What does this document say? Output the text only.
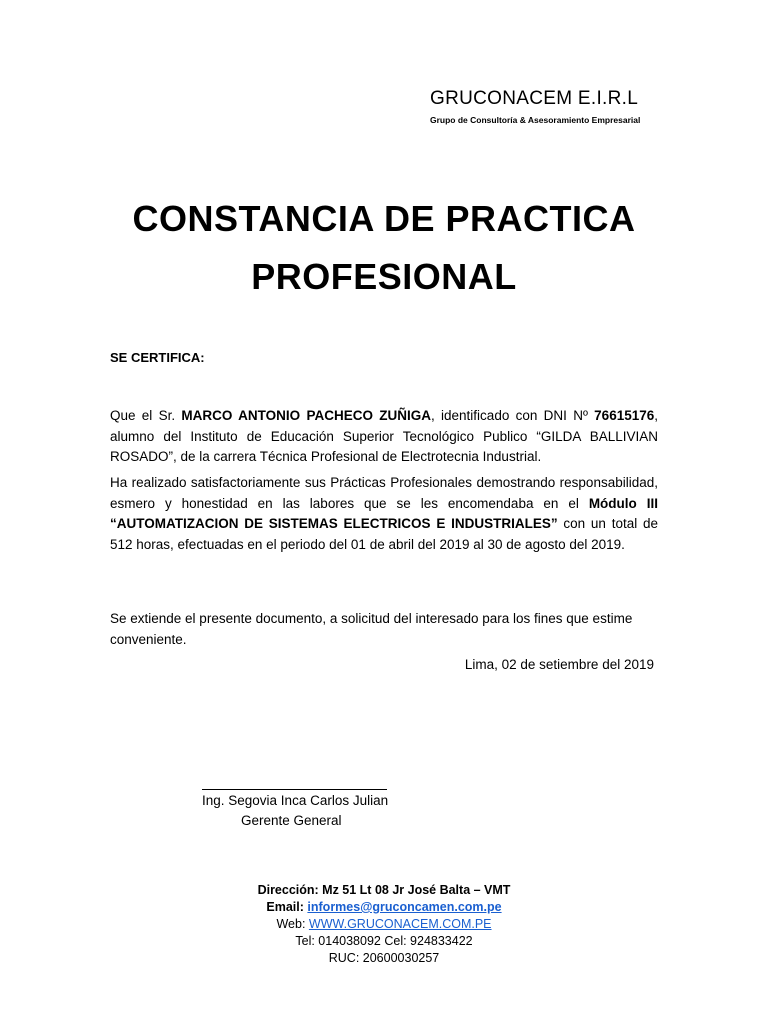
GRUCONACEM E.I.R.L
Grupo de Consultoría & Asesoramiento Empresarial
CONSTANCIA DE PRACTICA
PROFESIONAL
SE CERTIFICA:
Que el Sr. MARCO ANTONIO PACHECO ZUÑIGA, identificado con DNI Nº 76615176, alumno del Instituto de Educación Superior Tecnológico Publico “GILDA BALLIVIAN ROSADO”, de la carrera Técnica Profesional de Electrotecnia Industrial.
Ha realizado satisfactoriamente sus Prácticas Profesionales demostrando responsabilidad, esmero y honestidad en las labores que se les encomendaba en el Módulo III “AUTOMATIZACION DE SISTEMAS ELECTRICOS E INDUSTRIALES” con un total de 512 horas, efectuadas en el periodo del 01 de abril del 2019 al 30 de agosto del 2019.
Se extiende el presente documento, a solicitud del interesado para los fines que estime conveniente.
Lima, 02 de setiembre del 2019
Ing. Segovia Inca Carlos Julian
Gerente General
Dirección: Mz 51 Lt 08 Jr José Balta – VMT
Email: informes@gruconcamen.com.pe
Web: WWW.GRUCONACEM.COM.PE
Tel: 014038092 Cel: 924833422
RUC: 20600030257
